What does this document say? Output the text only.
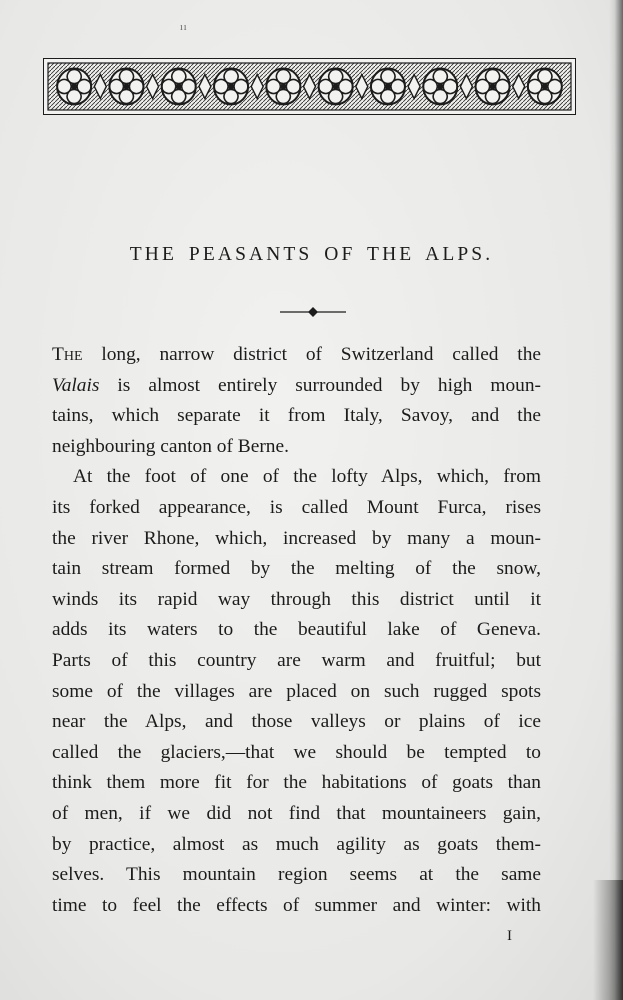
ıı
THE PEASANTS OF THE ALPS.
The long, narrow district of Switzerland called the
Valais is almost entirely surrounded by high moun-
tains, which separate it from Italy, Savoy, and the
neighbouring canton of Berne.
At the foot of one of the lofty Alps, which, from
its forked appearance, is called Mount Furca, rises
the river Rhone, which, increased by many a moun-
tain stream formed by the melting of the snow,
winds its rapid way through this district until it
adds its waters to the beautiful lake of Geneva.
Parts of this country are warm and fruitful; but
some of the villages are placed on such rugged spots
near the Alps, and those valleys or plains of ice
called the glaciers,—that we should be tempted to
think them more fit for the habitations of goats than
of men, if we did not find that mountaineers gain,
by practice, almost as much agility as goats them-
selves. This mountain region seems at the same
time to feel the effects of summer and winter: with
I
